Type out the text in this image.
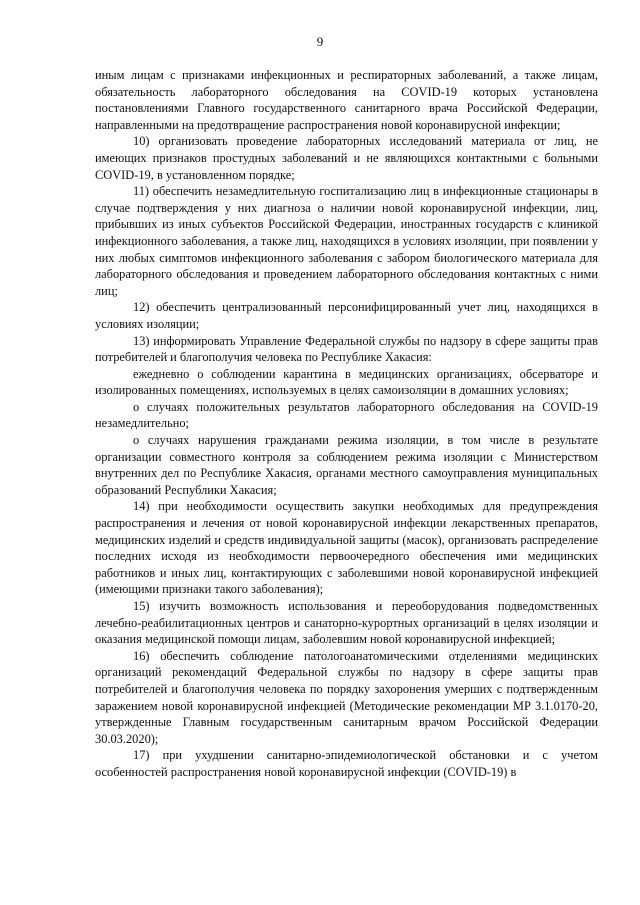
9

иным лицам с признаками инфекционных и респираторных заболеваний, а также лицам, обязательность лабораторного обследования на COVID-19 которых установлена постановлениями Главного государственного санитарного врача Российской Федерации, направленными на предотвращение распространения новой коронавирусной инфекции;

10) организовать проведение лабораторных исследований материала от лиц, не имеющих признаков простудных заболеваний и не являющихся контактными с больными COVID-19, в установленном порядке;

11) обеспечить незамедлительную госпитализацию лиц в инфекционные стационары в случае подтверждения у них диагноза о наличии новой коронавирусной инфекции, лиц, прибывших из иных субъектов Российской Федерации, иностранных государств с клиникой инфекционного заболевания, а также лиц, находящихся в условиях изоляции, при появлении у них любых симптомов инфекционного заболевания с забором биологического материала для лабораторного обследования и проведением лабораторного обследования контактных с ними лиц;

12) обеспечить централизованный персонифицированный учет лиц, находящихся в условиях изоляции;

13) информировать Управление Федеральной службы по надзору в сфере защиты прав потребителей и благополучия человека по Республике Хакасия:

ежедневно о соблюдении карантина в медицинских организациях, обсерваторе и изолированных помещениях, используемых в целях самоизоляции в домашних условиях;

о случаях положительных результатов лабораторного обследования на COVID-19 незамедлительно;

о случаях нарушения гражданами режима изоляции, в том числе в результате организации совместного контроля за соблюдением режима изоляции с Министерством внутренних дел по Республике Хакасия, органами местного самоуправления муниципальных образований Республики Хакасия;

14) при необходимости осуществить закупки необходимых для предупреждения распространения и лечения от новой коронавирусной инфекции лекарственных препаратов, медицинских изделий и средств индивидуальной защиты (масок), организовать распределение последних исходя из необходимости первоочередного обеспечения ими медицинских работников и иных лиц, контактирующих с заболевшими новой коронавирусной инфекцией (имеющими признаки такого заболевания);

15) изучить возможность использования и переоборудования подведомственных лечебно-реабилитационных центров и санаторно-курортных организаций в целях изоляции и оказания медицинской помощи лицам, заболевшим новой коронавирусной инфекцией;

16) обеспечить соблюдение патологоанатомическими отделениями медицинских организаций рекомендаций Федеральной службы по надзору в сфере защиты прав потребителей и благополучия человека по порядку захоронения умерших с подтвержденным заражением новой коронавирусной инфекцией (Методические рекомендации МР 3.1.0170-20, утвержденные Главным государственным санитарным врачом Российской Федерации 30.03.2020);

17) при ухудшении санитарно-эпидемиологической обстановки и с учетом особенностей распространения новой коронавирусной инфекции (COVID-19) в
